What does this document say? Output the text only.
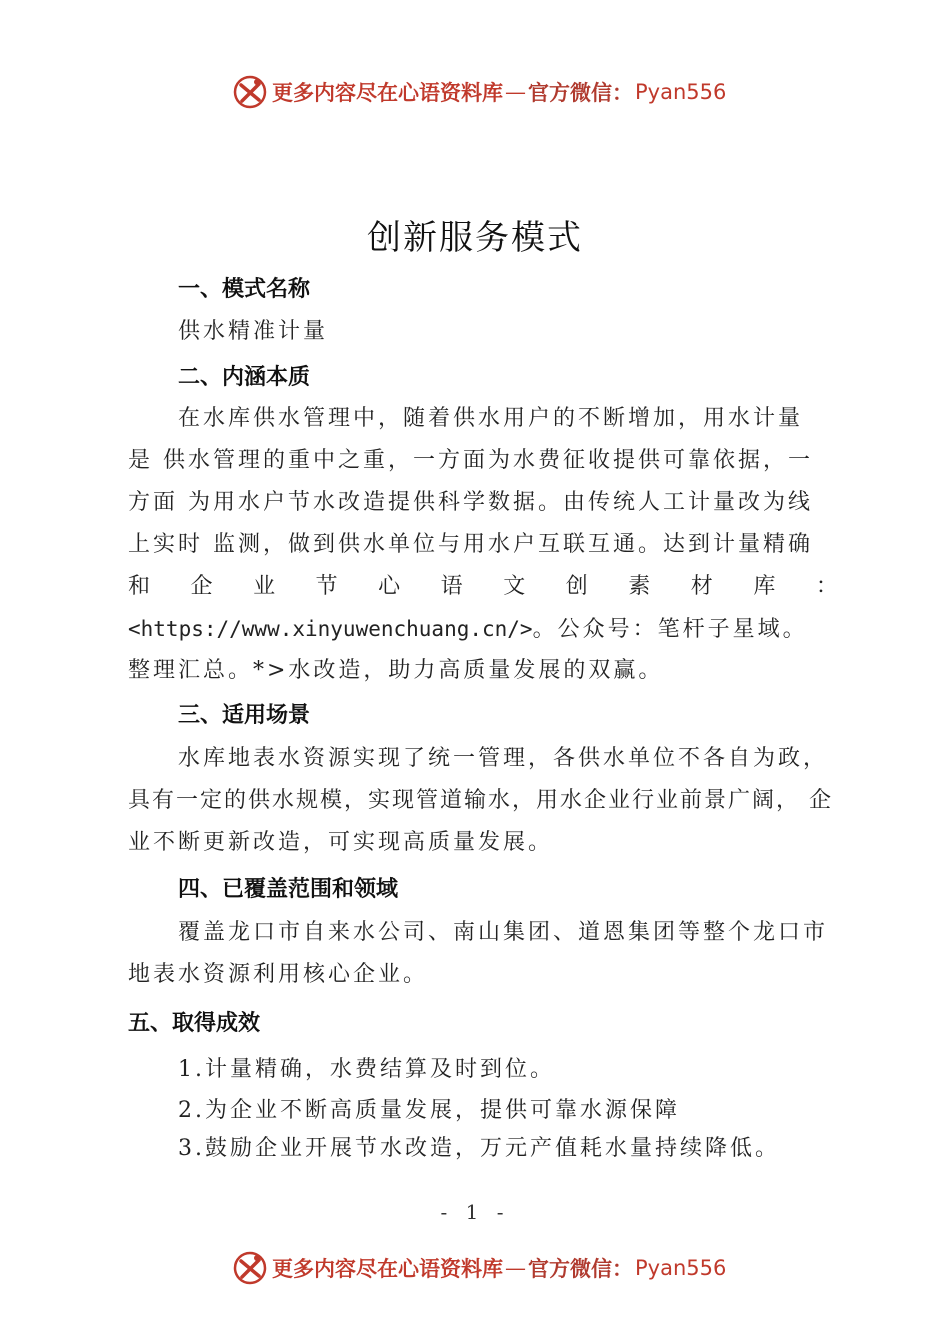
更多内容尽在心语资料库 — 官方微信： Pyan556
创新服务模式
一、模式名称
供水精准计量
二、内涵本质
在水库供水管理中，随着供水用户的不断增加，用水计量
是 供水管理的重中之重，一方面为水费征收提供可靠依据，一
方面 为用水户节水改造提供科学数据。由传统人工计量改为线
上实时 监测，做到供水单位与用水户互联互通。达到计量精确
和 企 业 节 心 语 文 创 素 材 库 ：
<https://www.xinyuwenchuang.cn/>。公众号：笔杆子星域。
整理汇总。*>水改造，助力高质量发展的双赢。
三、适用场景
水库地表水资源实现了统一管理，各供水单位不各自为政，
具有一定的供水规模，实现管道输水，用水企业行业前景广阔， 企
业不断更新改造，可实现高质量发展。
四、已覆盖范围和领域
覆盖龙口市自来水公司、南山集团、道恩集团等整个龙口市
地表水资源利用核心企业。
五、取得成效
1.计量精确，水费结算及时到位。
2.为企业不断高质量发展，提供可靠水源保障
3.鼓励企业开展节水改造，万元产值耗水量持续降低。
- 1 -
更多内容尽在心语资料库 — 官方微信： Pyan556
